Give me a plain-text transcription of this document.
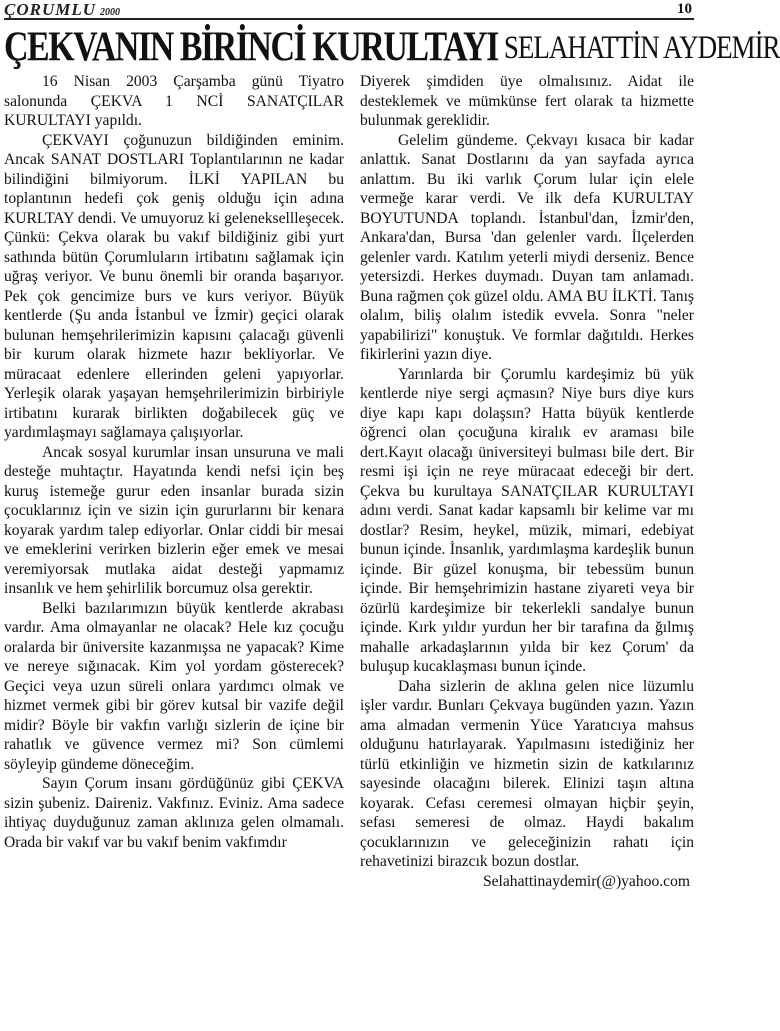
ÇORUMLU 2000	10
ÇEKVANIN BİRİNCİ KURULTAYI SELAHATTİN AYDEMİR

16 Nisan 2003 Çarşamba günü Tiyatro salonunda ÇEKVA 1 NCİ SANATÇILAR KURULTAYI yapıldı.

ÇEKVAYI çoğunuzun bildiğinden eminim. Ancak SANAT DOSTLARI Toplantılarının ne kadar bilindiğini bilmiyorum. İLKİ YAPILAN bu toplantının hedefi çok geniş olduğu için adına KURLTAY dendi. Ve umuyoruz ki geleneksellleşecek. Çünkü: Çekva olarak bu vakıf bildiğiniz gibi yurt sathında bütün Çorumluların irtibatını sağlamak için uğraş veriyor. Ve bunu önemli bir oranda başarıyor. Pek çok gencimize burs ve kurs veriyor. Büyük kentlerde (Şu anda İstanbul ve İzmir) geçici olarak bulunan hemşehrilerimizin kapısını çalacağı güvenli bir kurum olarak hizmete hazır bekliyorlar. Ve müracaat edenlere ellerinden geleni yapıyorlar. Yerleşik olarak yaşayan hemşehrilerimizin birbiriyle irtibatını kurarak birlikten doğabilecek güç ve yardımlaşmayı sağlamaya çalışıyorlar.

Ancak sosyal kurumlar insan unsuruna ve mali desteğe muhtaçtır. Hayatında kendi nefsi için beş kuruş istemeğe gurur eden insanlar burada sizin çocuklarınız için ve sizin için gururlarını bir kenara koyarak yardım talep ediyorlar. Onlar ciddi bir mesai ve emeklerini verirken bizlerin eğer emek ve mesai veremiyorsak mutlaka aidat desteği yapmamız insanlık ve hem şehirlilik borcumuz olsa gerektir.

Belki bazılarımızın büyük kentlerde akrabası vardır. Ama olmayanlar ne olacak? Hele kız çocuğu oralarda bir üniversite kazanmışsa ne yapacak? Kime ve nereye sığınacak. Kim yol yordam gösterecek? Geçici veya uzun süreli onlara yardımcı olmak ve hizmet vermek gibi bir görev kutsal bir vazife değil midir? Böyle bir vakfın varlığı sizlerin de içine bir rahatlık ve güvence vermez mi? Son cümlemi söyleyip gündeme döneceğim.

Sayın Çorum insanı gördüğünüz gibi ÇEKVA sizin şubeniz. Daireniz. Vakfınız. Eviniz. Ama sadece ihtiyaç duyduğunuz zaman aklınıza gelen olmamalı. Orada bir vakıf var bu vakıf benim vakfımdır

Diyerek şimdiden üye olmalısınız. Aidat ile desteklemek ve mümkünse fert olarak ta hizmette bulunmak gereklidir.

Gelelim gündeme. Çekvayı kısaca bir kadar anlattık. Sanat Dostlarını da yan sayfada ayrıca anlattım. Bu iki varlık Çorum lular için elele vermeğe karar verdi. Ve ilk defa KURULTAY BOYUTUNDA toplandı. İstanbul'dan, İzmir'den, Ankara'dan, Bursa 'dan gelenler vardı. İlçelerden gelenler vardı. Katılım yeterli miydi derseniz. Bence yetersizdi. Herkes duymadı. Duyan tam anlamadı. Buna rağmen çok güzel oldu. AMA BU İLKTİ. Tanış olalım, biliş olalım istedik evvela. Sonra "neler yapabilirizi" konuştuk. Ve formlar dağıtıldı. Herkes fikirlerini yazın diye.

Yarınlarda bir Çorumlu kardeşimiz bü yük kentlerde niye sergi açmasın? Niye burs diye kurs diye kapı kapı dolaşsın? Hatta büyük kentlerde öğrenci olan çocuğuna kiralık ev araması bile dert.Kayıt olacağı üniversiteyi bulması bile dert. Bir resmi işi için ne reye müracaat edeceği bir dert. Çekva bu kurultaya SANATÇILAR KURULTAYI adını verdi. Sanat kadar kapsamlı bir kelime var mı dostlar? Resim, heykel, müzik, mimari, edebiyat bunun içinde. İnsanlık, yardımlaşma kardeşlik bunun içinde. Bir güzel konuşma, bir tebessüm bunun içinde. Bir hemşehrimizin hastane ziyareti veya bir özürlü kardeşimize bir tekerlekli sandalye bunun içinde. Kırk yıldır yurdun her bir tarafına da ğılmış mahalle arkadaşlarının yılda bir kez Çorum' da buluşup kucaklaşması bunun içinde.

Daha sizlerin de aklına gelen nice lüzumlu işler vardır. Bunları Çekvaya bugünden yazın. Yazın ama almadan vermenin Yüce Yaratıcıya mahsus olduğunu hatırlayarak. Yapılmasını istediğiniz her türlü etkinliğin ve hizmetin sizin de katkılarınız sayesinde olacağını bilerek. Elinizi taşın altına koyarak. Cefası ceremesi olmayan hiçbir şeyin, sefası semeresi de olmaz. Haydi bakalım çocuklarınızın ve geleceğinizin rahatı için rehavetinizi birazcık bozun dostlar.

Selahattinaydemir(@)yahoo.com
